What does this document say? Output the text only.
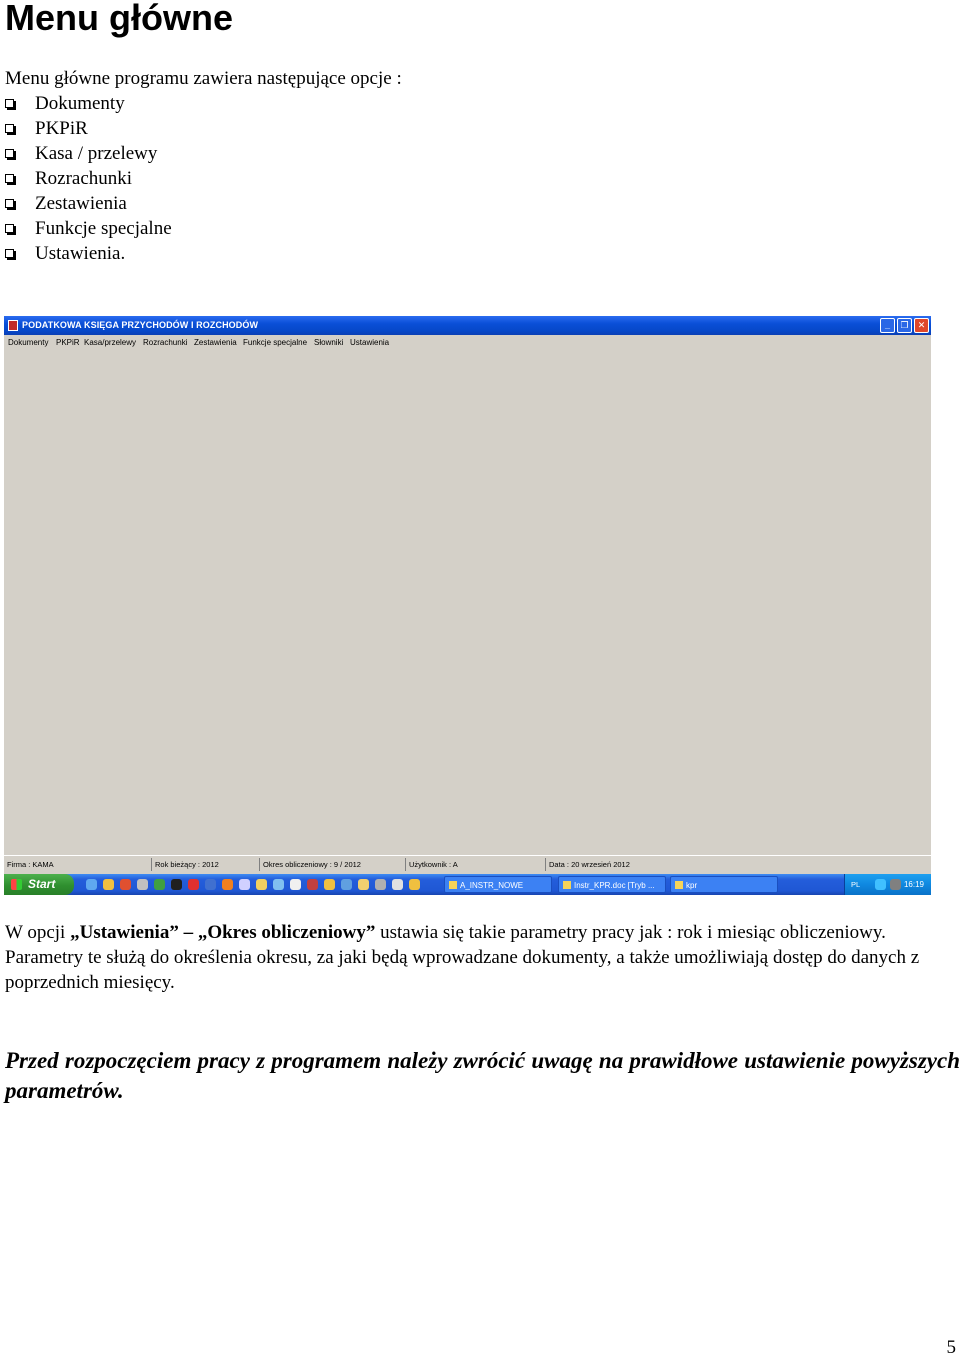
Menu główne

Menu główne programu zawiera następujące opcje :

Dokumenty
PKPiR
Kasa / przelewy
Rozrachunki
Zestawienia
Funkcje specjalne
Ustawienia.
PODATKOWA KSIĘGA PRZYCHODÓW I ROZCHODÓW	_	❐	✕
Dokumenty PKPiR Kasa/przelewy Rozrachunki Zestawienia Funkcje specjalne Słowniki Ustawienia
Firma : KAMA	Rok bieżący : 2012	Okres obliczeniowy : 9 / 2012	Użytkownik : A	Data : 20 wrzesień 2012
Start	A_INSTR_NOWE	Instr_KPR.doc [Tryb ...	kpr	PL	16:19

W opcji „Ustawienia” – „Okres obliczeniowy” ustawia się takie parametry pracy jak : rok i miesiąc obliczeniowy. Parametry te służą do określenia okresu, za jaki będą wprowadzane dokumenty, a także umożliwiają dostęp do danych z poprzednich miesięcy.

Przed rozpoczęciem pracy z programem należy zwrócić uwagę na prawidłowe ustawienie powyższych parametrów.

5
